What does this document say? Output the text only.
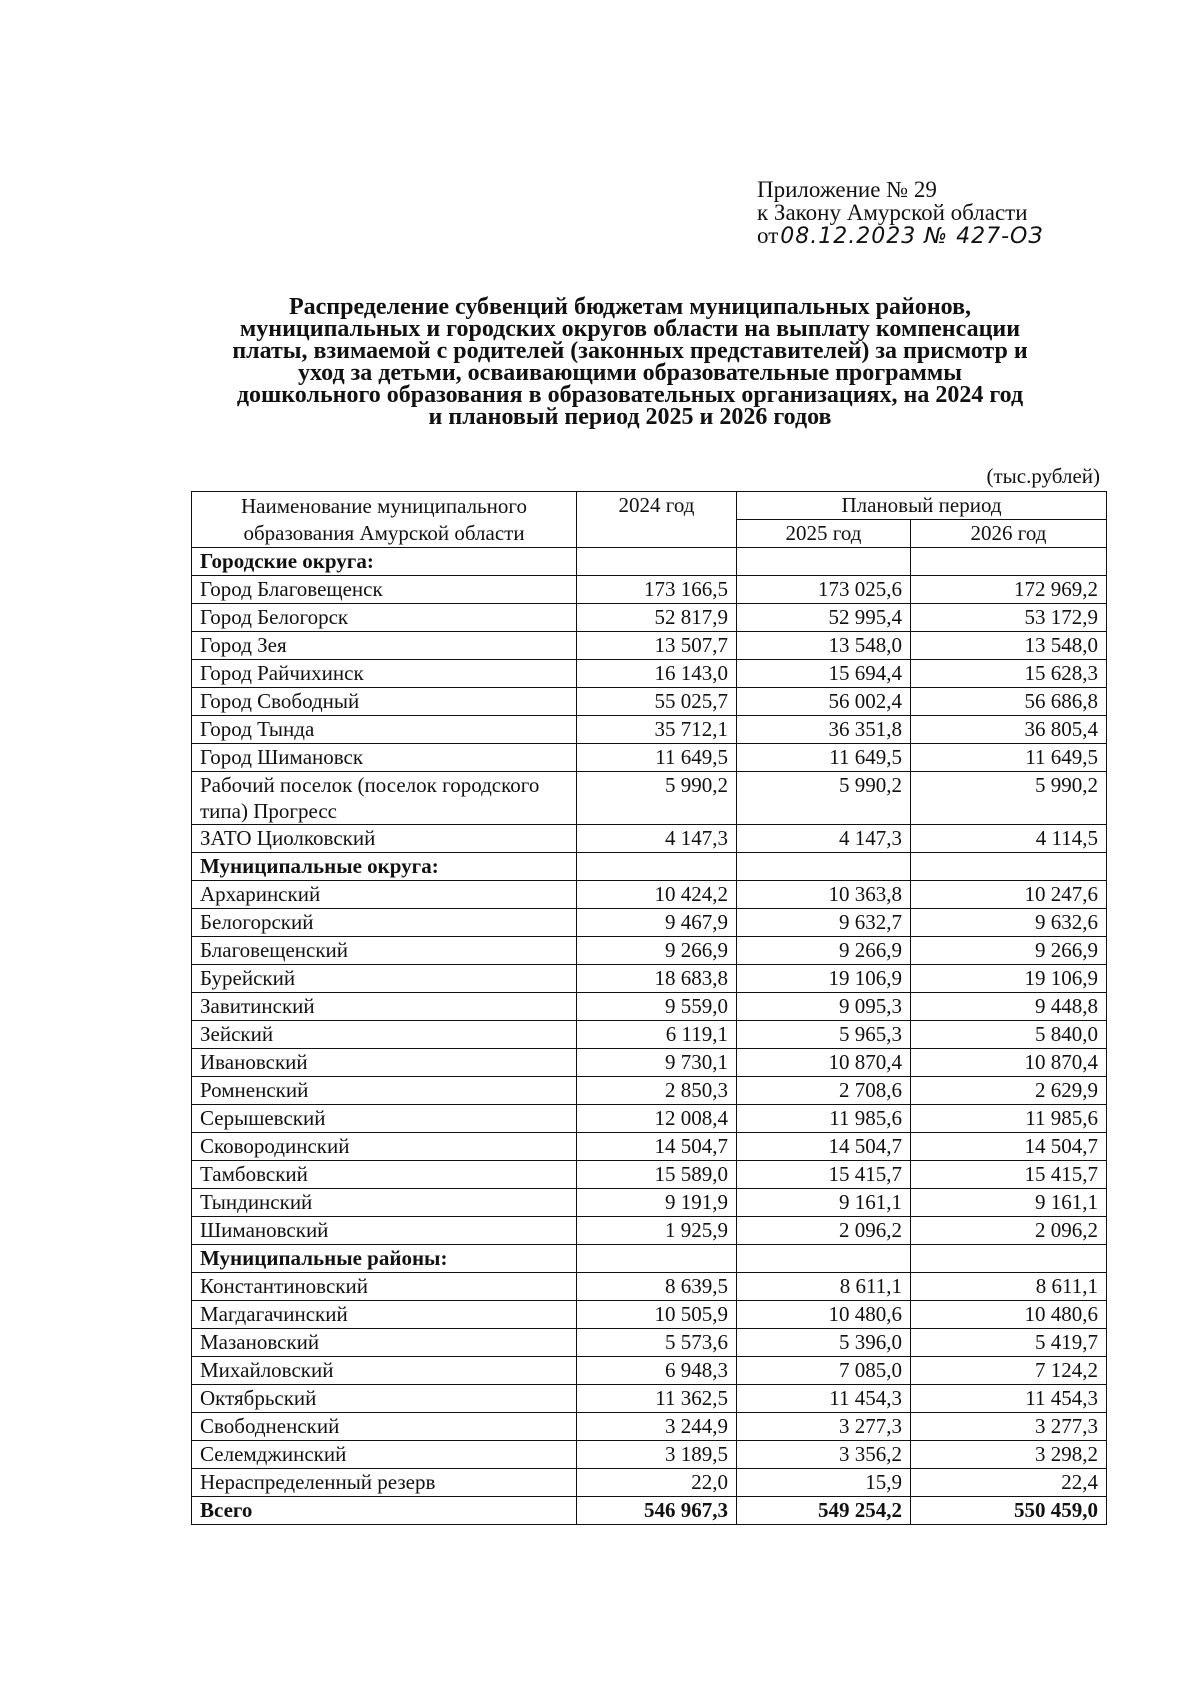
Приложение № 29
к Закону Амурской области
от08.12.2023 № 427-ОЗ
Распределение субвенций бюджетам муниципальных районов,
муниципальных и городских округов области на выплату компенсации
платы, взимаемой с родителей (законных представителей) за присмотр и
уход за детьми, осваивающими образовательные программы
дошкольного образования в образовательных организациях, на 2024 год
и плановый период 2025 и 2026 годов
(тыс.рублей)
Наименование муниципального образования Амурской области	2024 год	Плановый период	
		2025 год	2026 год
Городские округа:			
Город Благовещенск	173 166,5	173 025,6	172 969,2
Город Белогорск	52 817,9	52 995,4	53 172,9
Город Зея	13 507,7	13 548,0	13 548,0
Город Райчихинск	16 143,0	15 694,4	15 628,3
Город Свободный	55 025,7	56 002,4	56 686,8
Город Тында	35 712,1	36 351,8	36 805,4
Город Шимановск	11 649,5	11 649,5	11 649,5
Рабочий поселок (поселок городского типа) Прогресс	5 990,2	5 990,2	5 990,2
ЗАТО Циолковский	4 147,3	4 147,3	4 114,5
Муниципальные округа:			
Архаринский	10 424,2	10 363,8	10 247,6
Белогорский	9 467,9	9 632,7	9 632,6
Благовещенский	9 266,9	9 266,9	9 266,9
Бурейский	18 683,8	19 106,9	19 106,9
Завитинский	9 559,0	9 095,3	9 448,8
Зейский	6 119,1	5 965,3	5 840,0
Ивановский	9 730,1	10 870,4	10 870,4
Ромненский	2 850,3	2 708,6	2 629,9
Серышевский	12 008,4	11 985,6	11 985,6
Сковородинский	14 504,7	14 504,7	14 504,7
Тамбовский	15 589,0	15 415,7	15 415,7
Тындинский	9 191,9	9 161,1	9 161,1
Шимановский	1 925,9	2 096,2	2 096,2
Муниципальные районы:			
Константиновский	8 639,5	8 611,1	8 611,1
Магдагачинский	10 505,9	10 480,6	10 480,6
Мазановский	5 573,6	5 396,0	5 419,7
Михайловский	6 948,3	7 085,0	7 124,2
Октябрьский	11 362,5	11 454,3	11 454,3
Свободненский	3 244,9	3 277,3	3 277,3
Селемджинский	3 189,5	3 356,2	3 298,2
Нераспределенный резерв	22,0	15,9	22,4
Всего	546 967,3	549 254,2	550 459,0
